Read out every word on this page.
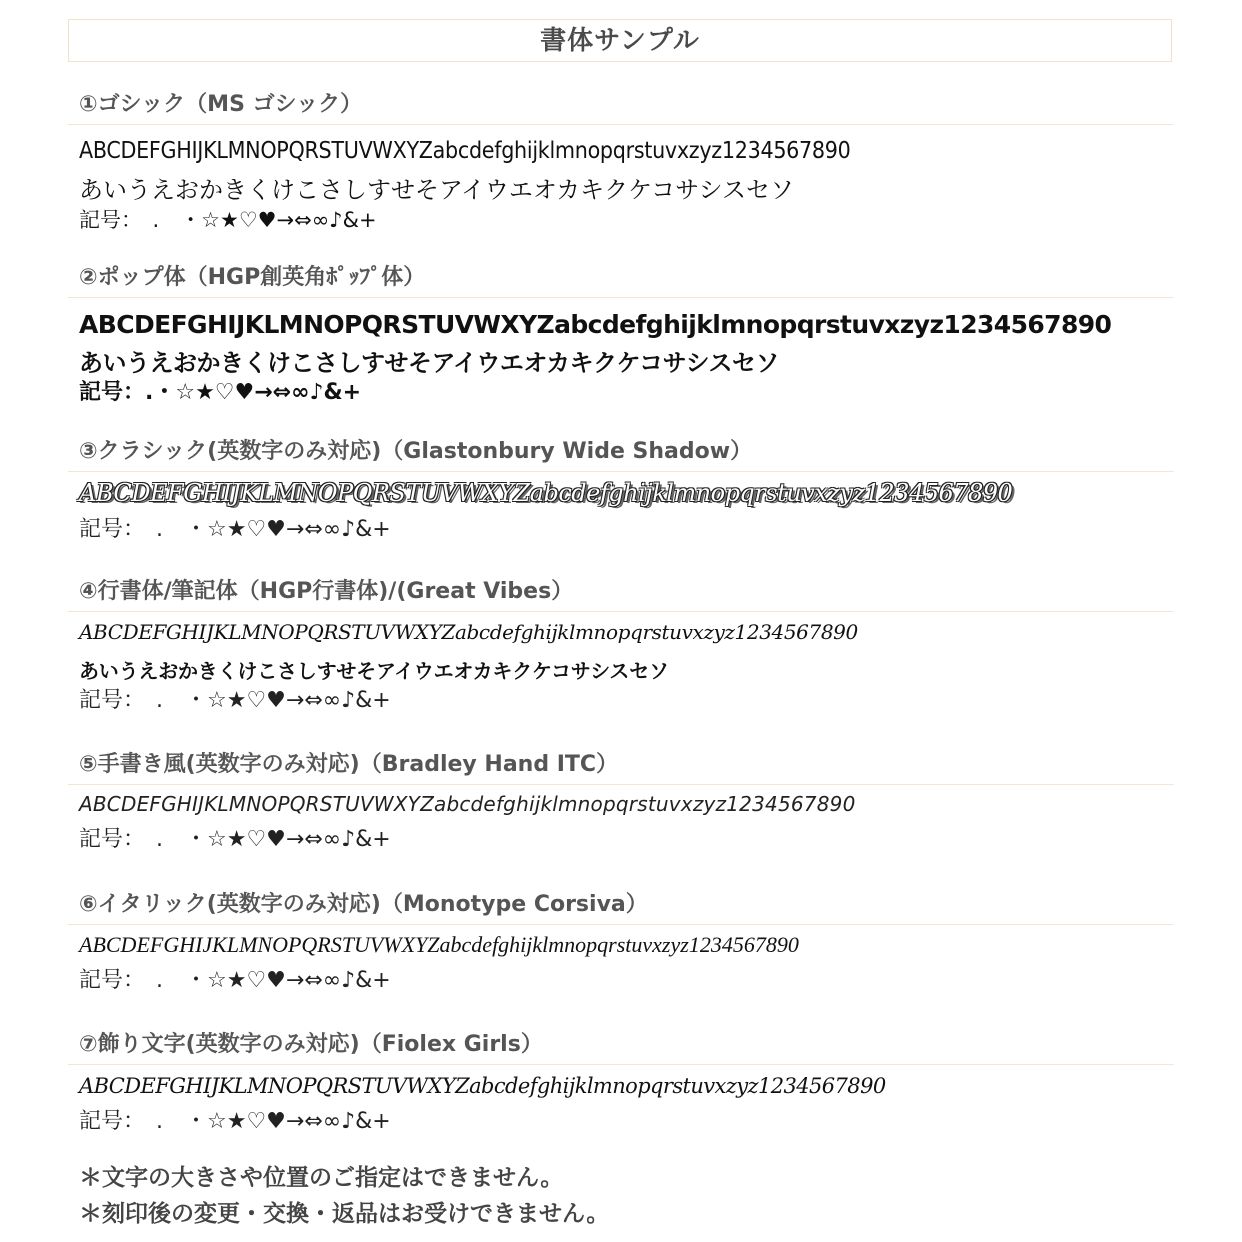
書体サンプル
①ゴシック（MS ゴシック）
ABCDEFGHIJKLMNOPQRSTUVWXYZabcdefghijklmnopqrstuvxzyz1234567890
あいうえおかきくけこさしすせそアイウエオカキクケコサシスセソ
記号：　.　・☆★♡♥→⇔∞♪&+
②ポップ体（HGP創英角ﾎﾟｯﾌﾟ体）
ABCDEFGHIJKLMNOPQRSTUVWXYZabcdefghijklmnopqrstuvxzyz1234567890
あいうえおかきくけこさしすせそアイウエオカキクケコサシスセソ
記号：.・☆★♡♥→⇔∞♪&+
③クラシック(英数字のみ対応)（Glastonbury Wide Shadow）
ABCDEFGHIJKLMNOPQRSTUVWXYZabcdefghijklmnopqrstuvxzyz1234567890
記号：　.　・☆★♡♥→⇔∞♪&+
④行書体/筆記体（HGP行書体)/(Great Vibes）
ABCDEFGHIJKLMNOPQRSTUVWXYZabcdefghijklmnopqrstuvxzyz1234567890
あいうえおかきくけこさしすせそアイウエオカキクケコサシスセソ
記号：　.　・☆★♡♥→⇔∞♪&+
⑤手書き風(英数字のみ対応)（Bradley Hand ITC）
ABCDEFGHIJKLMNOPQRSTUVWXYZabcdefghijklmnopqrstuvxzyz1234567890
記号：　.　・☆★♡♥→⇔∞♪&+
⑥イタリック(英数字のみ対応)（Monotype Corsiva）
ABCDEFGHIJKLMNOPQRSTUVWXYZabcdefghijklmnopqrstuvxzyz1234567890
記号：　.　・☆★♡♥→⇔∞♪&+
⑦飾り文字(英数字のみ対応)（Fiolex Girls）
ABCDEFGHIJKLMNOPQRSTUVWXYZabcdefghijklmnopqrstuvxzyz1234567890
記号：　.　・☆★♡♥→⇔∞♪&+
＊文字の大きさや位置のご指定はできません。
＊刻印後の変更・交換・返品はお受けできません。
